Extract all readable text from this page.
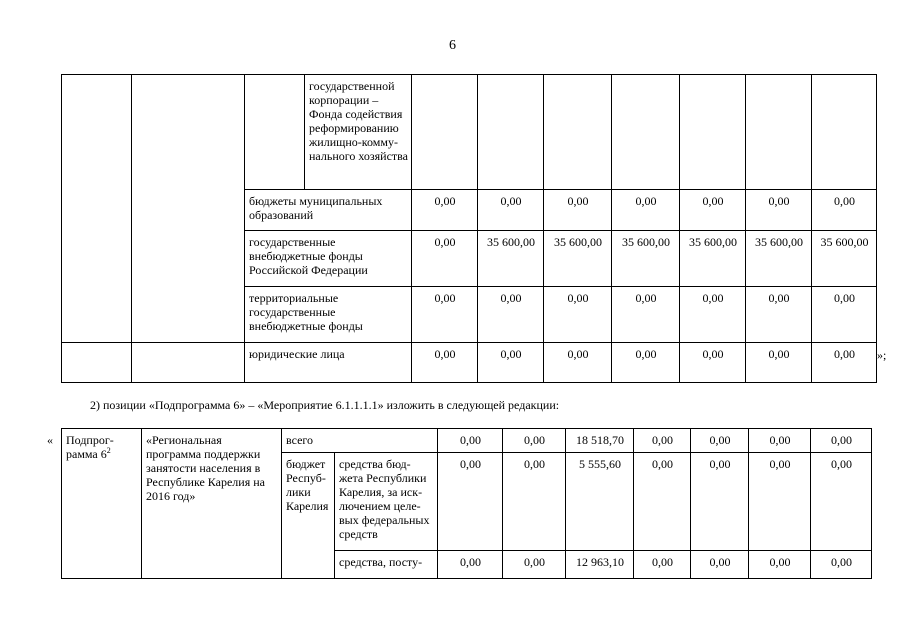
6
			государственной корпорации – Фонда содействия реформированию жилищно-комму-нального хозяйства							
		бюджеты муниципальных образований		0,00	0,00	0,00	0,00	0,00	0,00	0,00
		государственные внебюджетные фонды Российской Федерации		0,00	35 600,00	35 600,00	35 600,00	35 600,00	35 600,00	35 600,00
		территориальные государственные внебюджетные фонды		0,00	0,00	0,00	0,00	0,00	0,00	0,00
		юридические лица		0,00	0,00	0,00	0,00	0,00	0,00	0,00 »;
2) позиции «Подпрограмма 6» – «Мероприятие 6.1.1.1.1» изложить в следующей редакции:
« Подпрог-рамма $6^2$	«Региональная программа поддержки занятости населения в Республике Карелия на 2016 год»	всего		0,00	0,00	18 518,70	0,00	0,00	0,00	0,00
		бюджет Респуб-лики Карелия	средства бюд-жета Республики Карелия, за иск-лючением целе-вых федеральных средств	0,00	0,00	5 555,60	0,00	0,00	0,00	0,00
			средства, посту-	0,00	0,00	12 963,10	0,00	0,00	0,00	0,00
